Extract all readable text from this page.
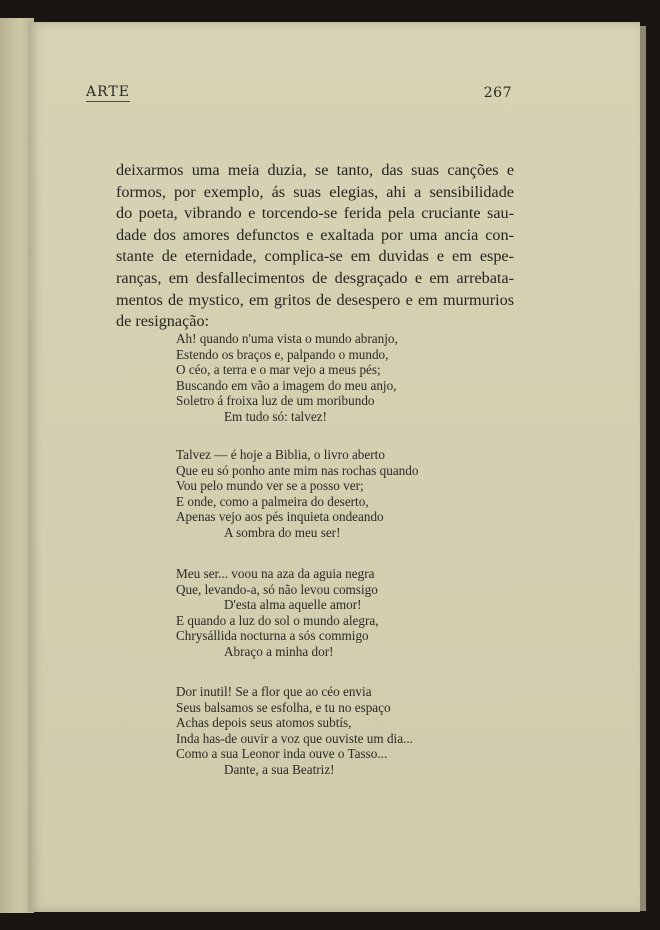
ARTE	267
deixarmos uma meia duzia, se tanto, das suas canções e
formos, por exemplo, ás suas elegias, ahi a sensibilidade
do poeta, vibrando e torcendo-se ferida pela cruciante sau-
dade dos amores defunctos e exaltada por uma ancia con-
stante de eternidade, complica-se em duvidas e em espe-
ranças, em desfallecimentos de desgraçado e em arrebata-
mentos de mystico, em gritos de desespero e em murmurios
de resignação:
Ah! quando n'uma vista o mundo abranjo,
Estendo os braços e, palpando o mundo,
O céo, a terra e o mar vejo a meus pés;
Buscando em vão a imagem do meu anjo,
Soletro á froixa luz de um moribundo
Em tudo só: talvez!
Talvez — é hoje a Biblia, o livro aberto
Que eu só ponho ante mim nas rochas quando
Vou pelo mundo ver se a posso ver;
E onde, como a palmeira do deserto,
Apenas vejo aos pés inquieta ondeando
A sombra do meu ser!
Meu ser... voou na aza da aguia negra
Que, levando-a, só não levou comsigo
D'esta alma aquelle amor!
E quando a luz do sol o mundo alegra,
Chrysállida nocturna a sós commigo
Abraço a minha dor!
Dor inutil! Se a flor que ao céo envia
Seus balsamos se esfolha, e tu no espaço
Achas depois seus atomos subtís,
Inda has-de ouvir a voz que ouviste um dia...
Como a sua Leonor inda ouve o Tasso...
Dante, a sua Beatriz!
